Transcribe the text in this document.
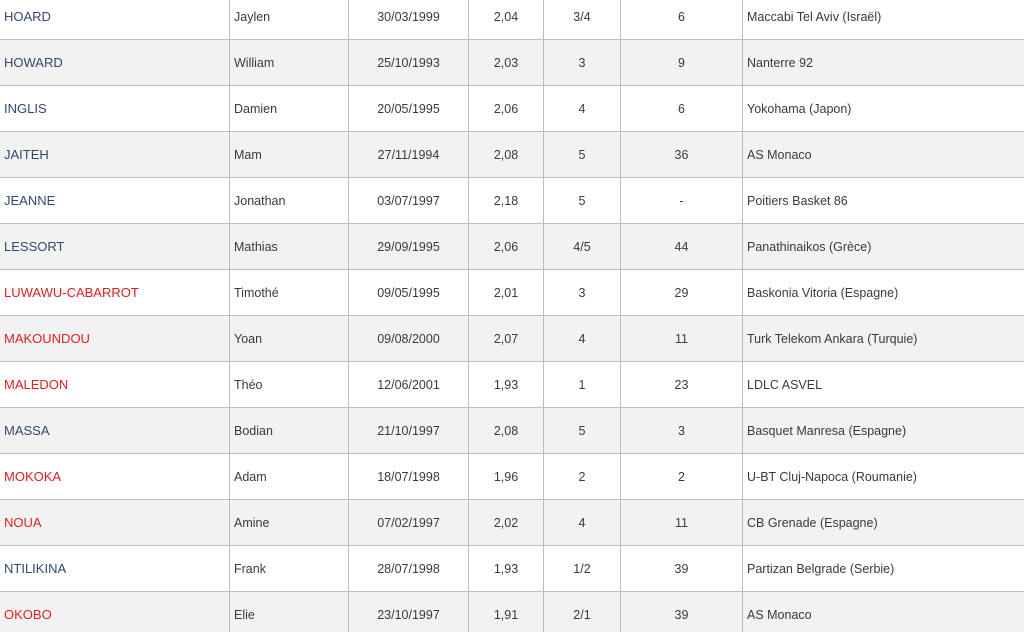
HOARD	Jaylen	30/03/1999	2,04	3/4	6	Maccabi Tel Aviv (Israël)
HOWARD	William	25/10/1993	2,03	3	9	Nanterre 92
INGLIS	Damien	20/05/1995	2,06	4	6	Yokohama (Japon)
JAITEH	Mam	27/11/1994	2,08	5	36	AS Monaco
JEANNE	Jonathan	03/07/1997	2,18	5	-	Poitiers Basket 86
LESSORT	Mathias	29/09/1995	2,06	4/5	44	Panathinaikos (Grèce)
LUWAWU-CABARROT	Timothé	09/05/1995	2,01	3	29	Baskonia Vitoria (Espagne)
MAKOUNDOU	Yoan	09/08/2000	2,07	4	11	Turk Telekom Ankara (Turquie)
MALEDON	Théo	12/06/2001	1,93	1	23	LDLC ASVEL
MASSA	Bodian	21/10/1997	2,08	5	3	Basquet Manresa (Espagne)
MOKOKA	Adam	18/07/1998	1,96	2	2	U-BT Cluj-Napoca (Roumanie)
NOUA	Amine	07/02/1997	2,02	4	11	CB Grenade (Espagne)
NTILIKINA	Frank	28/07/1998	1,93	1/2	39	Partizan Belgrade (Serbie)
OKOBO	Elie	23/10/1997	1,91	2/1	39	AS Monaco
